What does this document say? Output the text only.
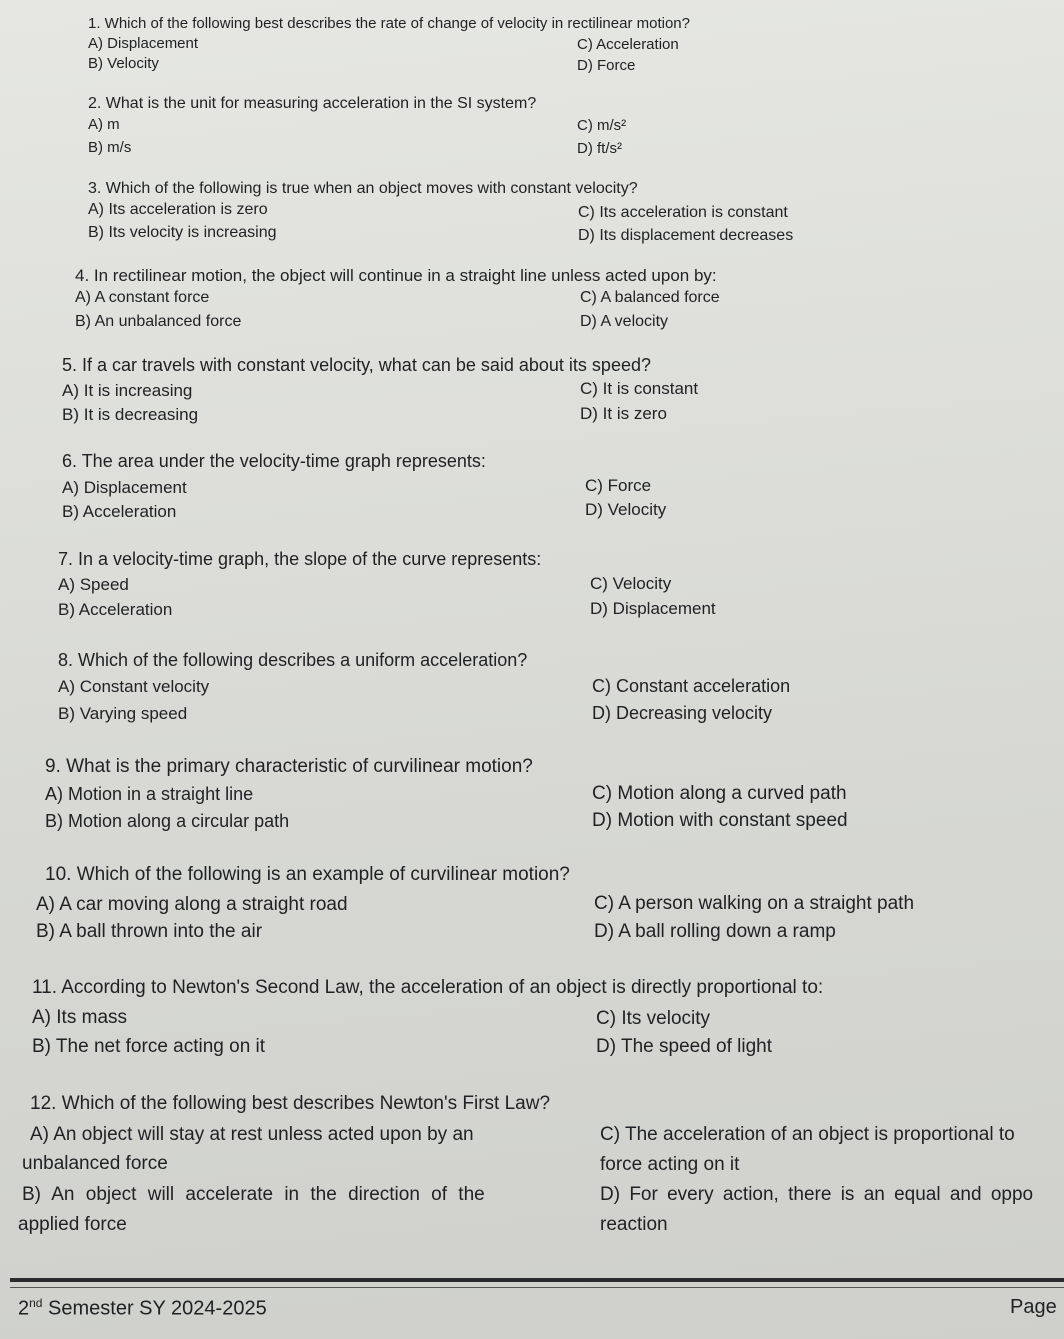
1. Which of the following best describes the rate of change of velocity in rectilinear motion?
A) Displacement
B) Velocity
C) Acceleration
D) Force
2. What is the unit for measuring acceleration in the SI system?
A) m
B) m/s
C) m/s²
D) ft/s²
3. Which of the following is true when an object moves with constant velocity?
A) Its acceleration is zero
B) Its velocity is increasing
C) Its acceleration is constant
D) Its displacement decreases
4. In rectilinear motion, the object will continue in a straight line unless acted upon by:
A) A constant force
B) An unbalanced force
C) A balanced force
D) A velocity
5. If a car travels with constant velocity, what can be said about its speed?
A) It is increasing
B) It is decreasing
C) It is constant
D) It is zero
6. The area under the velocity-time graph represents:
A) Displacement
B) Acceleration
C) Force
D) Velocity
7. In a velocity-time graph, the slope of the curve represents:
A) Speed
B) Acceleration
C) Velocity
D) Displacement
8. Which of the following describes a uniform acceleration?
A) Constant velocity
B) Varying speed
C) Constant acceleration
D) Decreasing velocity
9. What is the primary characteristic of curvilinear motion?
A) Motion in a straight line
B) Motion along a circular path
C) Motion along a curved path
D) Motion with constant speed
10. Which of the following is an example of curvilinear motion?
A) A car moving along a straight road
B) A ball thrown into the air
C) A person walking on a straight path
D) A ball rolling down a ramp
11. According to Newton's Second Law, the acceleration of an object is directly proportional to:
A) Its mass
B) The net force acting on it
C) Its velocity
D) The speed of light
12. Which of the following best describes Newton's First Law?
A) An object will stay at rest unless acted upon by an
unbalanced force
B) An object will accelerate in the direction of the
applied force
C) The acceleration of an object is proportional to
force acting on it
D) For every action, there is an equal and oppo
reaction
2nd Semester SY 2024-2025	Page
